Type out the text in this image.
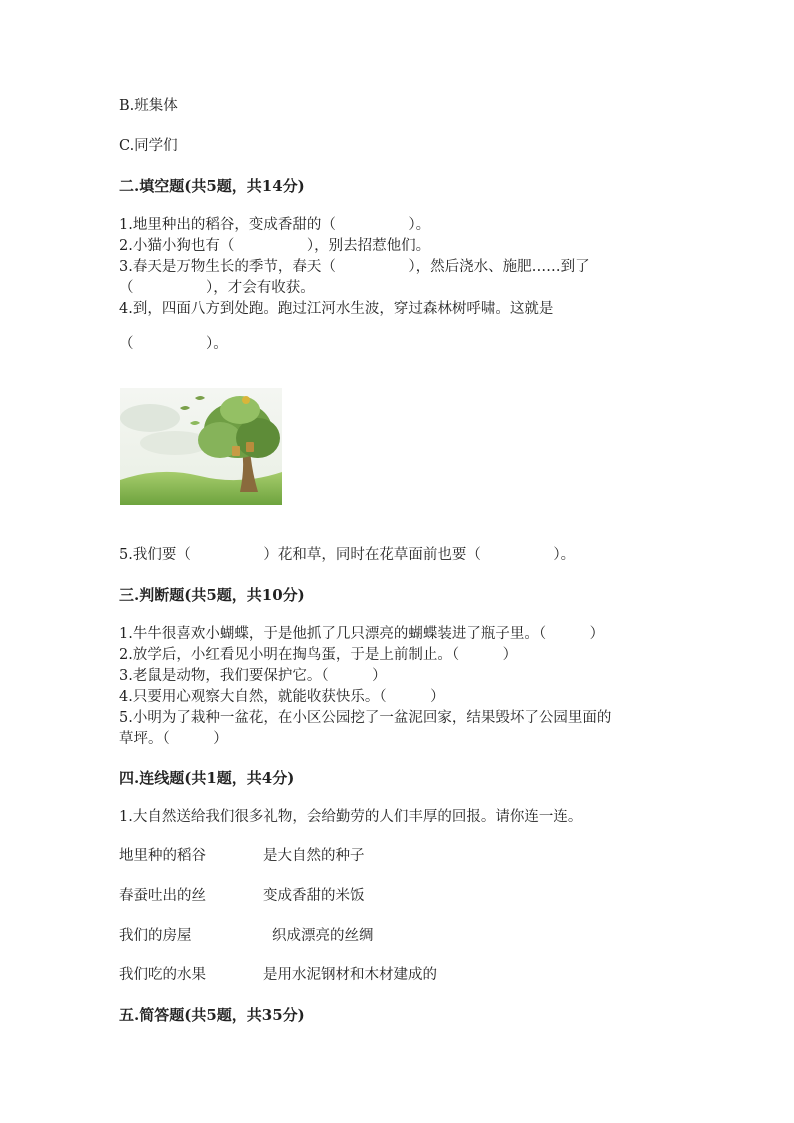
B.班集体
C.同学们
二.填空题(共5题，共14分)
1.地里种出的稻谷，变成香甜的（　　　　　）。
2.小猫小狗也有（　　　　　），别去招惹他们。
3.春天是万物生长的季节，春天（　　　　　），然后浇水、施肥……到了
（　　　　　），才会有收获。
4.到，四面八方到处跑。跑过江河水生波，穿过森林树呼啸。这就是
（　　　　　）。
5.我们要（　　　　　）花和草，同时在花草面前也要（　　　　　）。
三.判断题(共5题，共10分)
1.牛牛很喜欢小蝴蝶，于是他抓了几只漂亮的蝴蝶装进了瓶子里。（　　　）
2.放学后，小红看见小明在掏鸟蛋，于是上前制止。（　　　）
3.老鼠是动物，我们要保护它。（　　　）
4.只要用心观察大自然，就能收获快乐。（　　　）
5.小明为了栽种一盆花，在小区公园挖了一盆泥回家，结果毁坏了公园里面的
草坪。（　　　）
四.连线题(共1题，共4分)
1.大自然送给我们很多礼物，会给勤劳的人们丰厚的回报。请你连一连。
地里种的稻谷	是大自然的种子
春蚕吐出的丝	变成香甜的米饭
我们的房屋	织成漂亮的丝绸
我们吃的水果	是用水泥钢材和木材建成的
五.简答题(共5题，共35分)
